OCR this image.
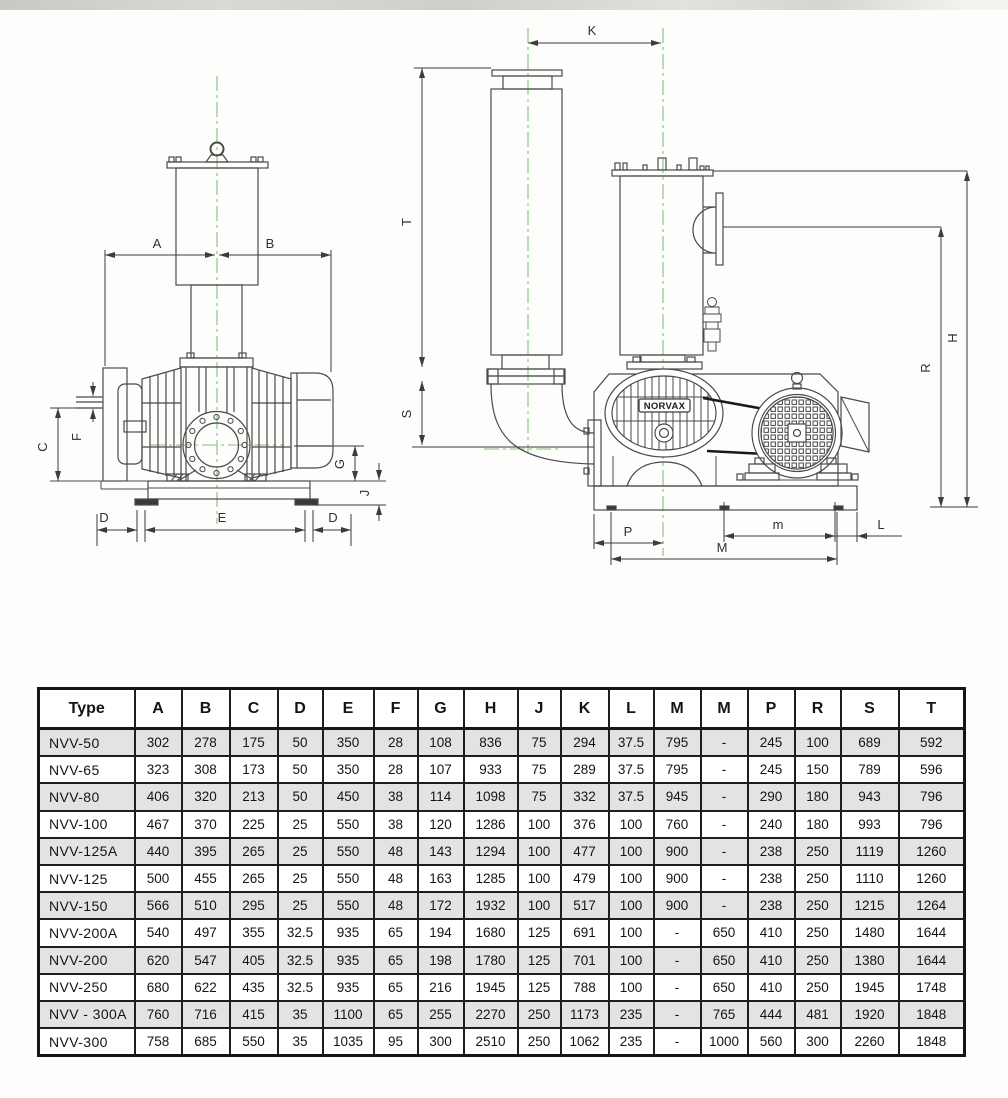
A	B
C
F
G
J
D	E	D
NORVAX
K
T
S
H
R
P	m
M
L
Type	A	B	C	D	E	F	G	H	J	K	L	M	M	P	R	S	T
NVV-50	302	278	175	50	350	28	108	836	75	294	37.5	795	-	245	100	689	592
NVV-65	323	308	173	50	350	28	107	933	75	289	37.5	795	-	245	150	789	596
NVV-80	406	320	213	50	450	38	114	1098	75	332	37.5	945	-	290	180	943	796
NVV-100	467	370	225	25	550	38	120	1286	100	376	100	760	-	240	180	993	796
NVV-125A	440	395	265	25	550	48	143	1294	100	477	100	900	-	238	250	1119	1260
NVV-125	500	455	265	25	550	48	163	1285	100	479	100	900	-	238	250	1110	1260
NVV-150	566	510	295	25	550	48	172	1932	100	517	100	900	-	238	250	1215	1264
NVV-200A	540	497	355	32.5	935	65	194	1680	125	691	100	-	650	410	250	1480	1644
NVV-200	620	547	405	32.5	935	65	198	1780	125	701	100	-	650	410	250	1380	1644
NVV-250	680	622	435	32.5	935	65	216	1945	125	788	100	-	650	410	250	1945	1748
NVV - 300A	760	716	415	35	1100	65	255	2270	250	1173	235	-	765	444	481	1920	1848
NVV-300	758	685	550	35	1035	95	300	2510	250	1062	235	-	1000	560	300	2260	1848
